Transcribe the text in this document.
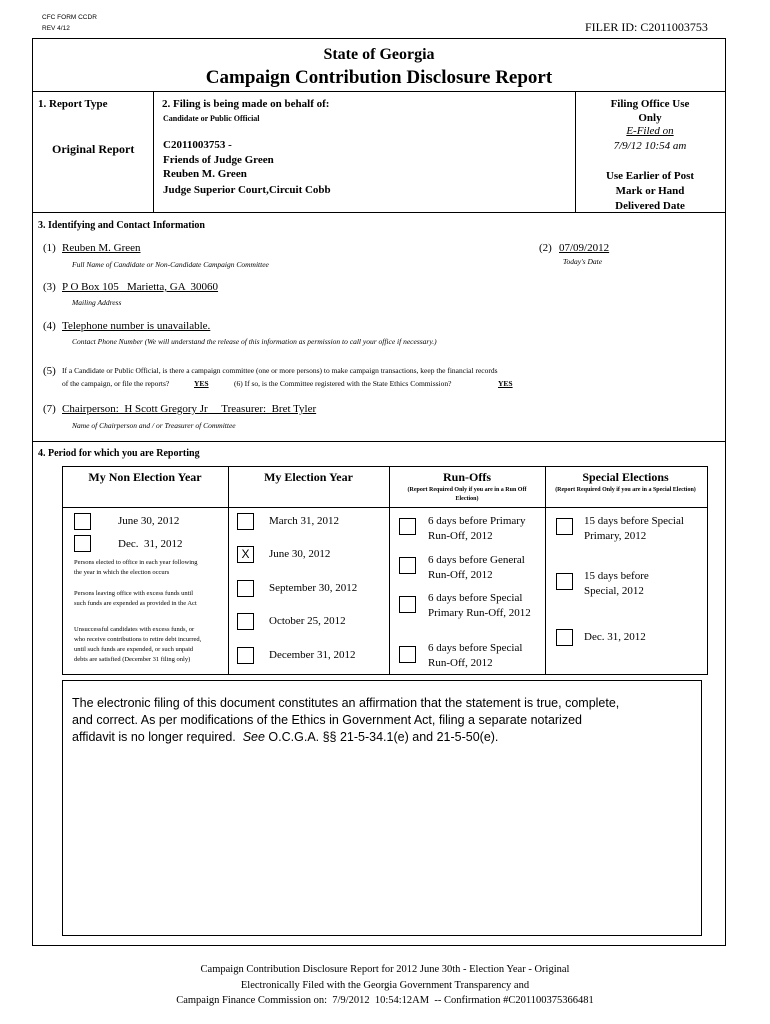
CFC FORM CCDR
REV 4/12	FILER ID: C2011003753
State of Georgia
Campaign Contribution Disclosure Report
1. Report Type
Original Report
2. Filing is being made on behalf of:
Candidate or Public Official
C2011003753 -
Friends of Judge Green
Reuben M. Green
Judge Superior Court,Circuit Cobb
Filing Office Use
Only
E-Filed on
7/9/12 10:54 am
Use Earlier of Post
Mark or Hand
Delivered Date
3. Identifying and Contact Information
(1) Reuben M. Green
Full Name of Candidate or Non-Candidate Campaign Committee
(2) 07/09/2012
Today's Date
(3) P O Box 105   Marietta, GA  30060
Mailing Address
(4) Telephone number is unavailable.
Contact Phone Number (We will understand the release of this information as permission to call your office if necessary.)
(5) If a Candidate or Public Official, is there a campaign committee (one or more persons) to make campaign transactions, keep the financial records
of the campaign, or file the reports?	YES	(6) If so, is the Committee registered with the State Ethics Commission?	YES
(7) Chairperson:  H Scott Gregory Jr     Treasurer:  Bret Tyler
Name of Chairperson and / or Treasurer of Committee
4. Period for which you are Reporting
My Non Election Year	My Election Year	Run-Offs
(Report Required Only if you are in a Run Off Election)
Special Elections
(Report Required Only if you are in a Special Election)
June 30, 2012
Dec.  31, 2012
Persons elected to office in each year following the year in which the election occurs
Persons leaving office with excess funds until such funds are expended as provided in the Act
Unsuccessful candidates with excess funds, or who receive contributions to retire debt incurred, until such funds are expended, or such unpaid debts are satisfied (December 31 filing only)
March 31, 2012
X	June 30, 2012
September 30, 2012
October 25, 2012
December 31, 2012
6 days before Primary Run-Off, 2012
6 days before General Run-Off, 2012
6 days before Special Primary Run-Off, 2012
6 days before Special Run-Off, 2012
15 days before Special Primary, 2012
15 days before Special, 2012
Dec. 31, 2012
The electronic filing of this document constitutes an affirmation that the statement is true, complete,
and correct. As per modifications of the Ethics in Government Act, filing a separate notarized
affidavit is no longer required.  See O.C.G.A. §§ 21-5-34.1(e) and 21-5-50(e).
Campaign Contribution Disclosure Report for 2012 June 30th - Election Year - Original
Electronically Filed with the Georgia Government Transparency and
Campaign Finance Commission on:  7/9/2012  10:54:12AM  -- Confirmation #C201100375366481
